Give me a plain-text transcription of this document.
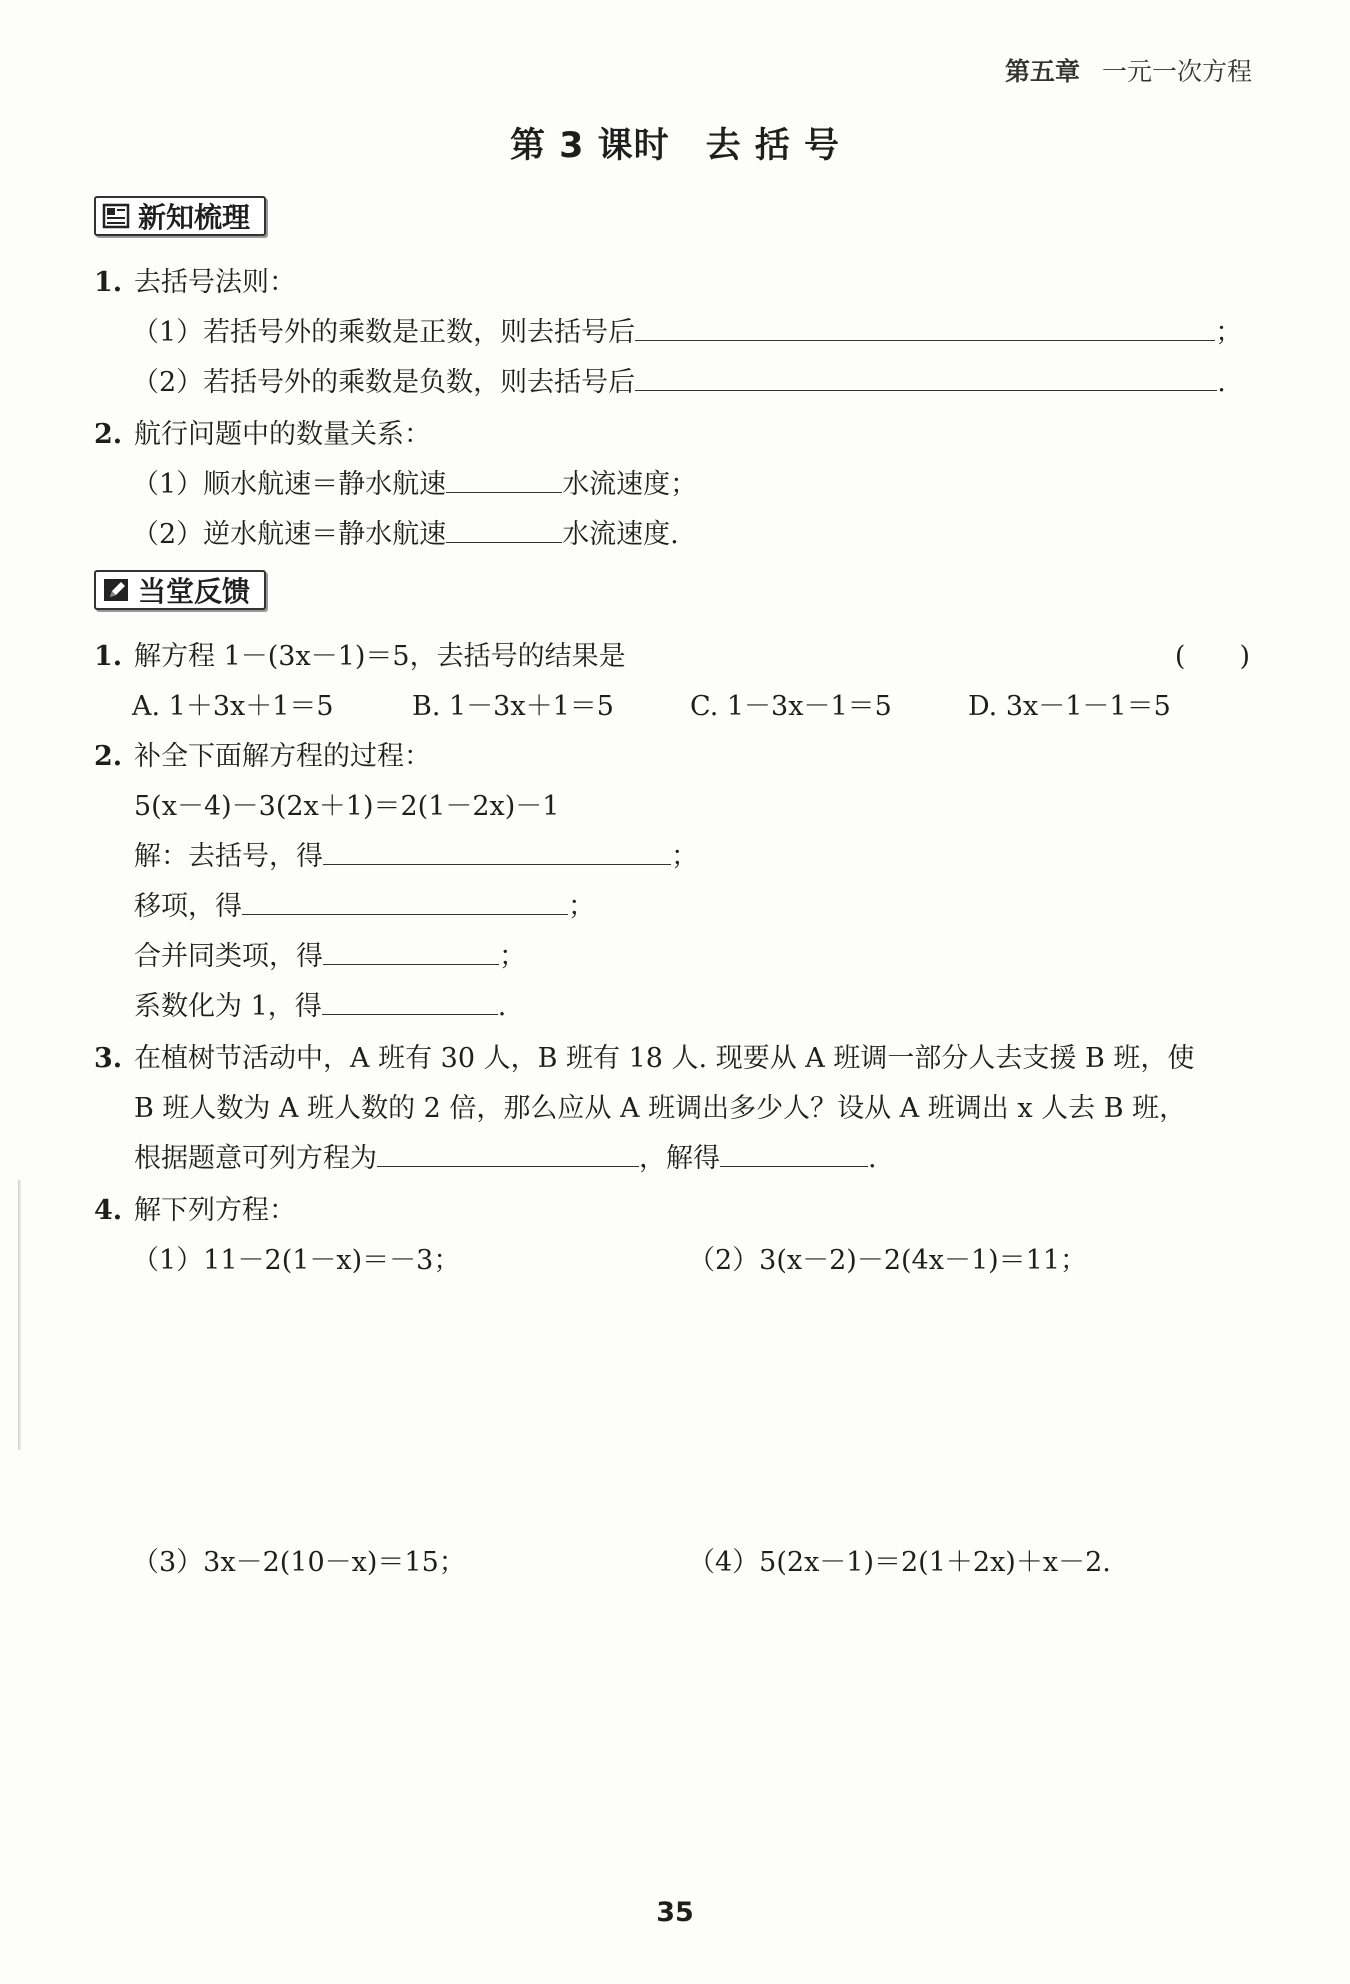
第五章 一元一次方程
第 3 课时　去 括 号
新知梳理
1. 去括号法则：
（1）若括号外的乘数是正数，则去括号后	；
（2）若括号外的乘数是负数，则去括号后	.
2. 航行问题中的数量关系：
（1）顺水航速＝静水航速	水流速度；
（2）逆水航速＝静水航速	水流速度.
当堂反馈
1. 解方程 1－(3x－1)＝5，去括号的结果是	(　　)
A. 1＋3x＋1＝5	B. 1－3x＋1＝5	C. 1－3x－1＝5	D. 3x－1－1＝5
2. 补全下面解方程的过程：
5(x－4)－3(2x＋1)＝2(1－2x)－1
解：去括号，得	；
移项，得	；
合并同类项，得	；
系数化为 1，得	.
3. 在植树节活动中，A 班有 30 人，B 班有 18 人. 现要从 A 班调一部分人去支援 B 班，使
B 班人数为 A 班人数的 2 倍，那么应从 A 班调出多少人？设从 A 班调出 x 人去 B 班，
根据题意可列方程为	，解得	.
4. 解下列方程：
（1）11－2(1－x)＝－3；	（2）3(x－2)－2(4x－1)＝11；
（3）3x－2(10－x)＝15；	（4）5(2x－1)＝2(1＋2x)＋x－2.
35
